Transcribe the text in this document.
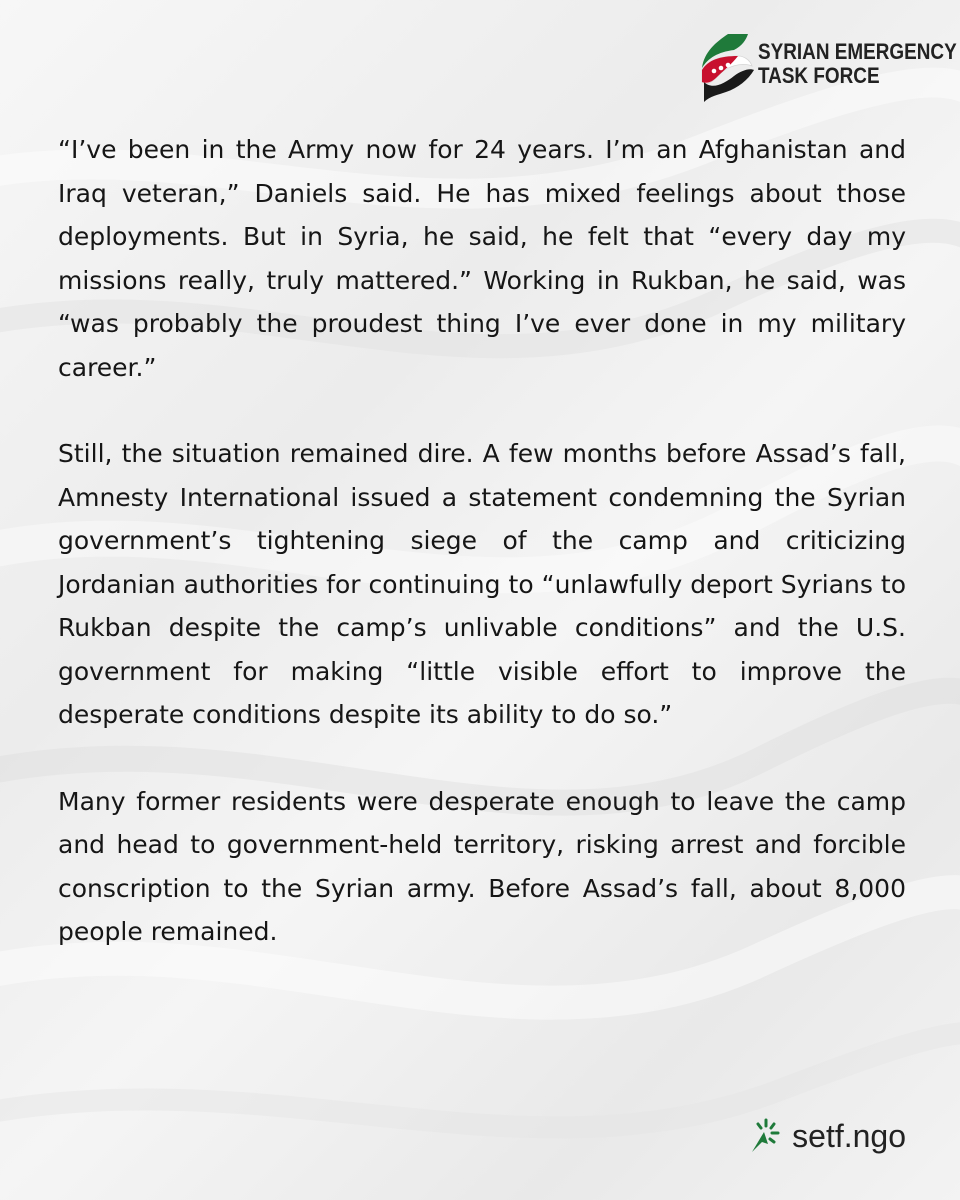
SYRIAN EMERGENCY
TASK FORCE

“I’ve been in the Army now for 24 years. I’m an Afghanistan and Iraq veteran,” Daniels said. He has mixed feelings about those deployments. But in Syria, he said, he felt that “every day my missions really, truly mattered.” Working in Rukban, he said, was “was probably the proudest thing I’ve ever done in my military career.”

Still, the situation remained dire. A few months before Assad’s fall, Amnesty International issued a statement condemning the Syrian government’s tightening siege of the camp and criticizing Jordanian authorities for continuing to “unlawfully deport Syrians to Rukban despite the camp’s unlivable conditions” and the U.S. government for making “little visible effort to improve the desperate conditions despite its ability to do so.”

Many former residents were desperate enough to leave the camp and head to government-held territory, risking arrest and forcible conscription to the Syrian army. Before Assad’s fall, about 8,000 people remained.

setf.ngo
